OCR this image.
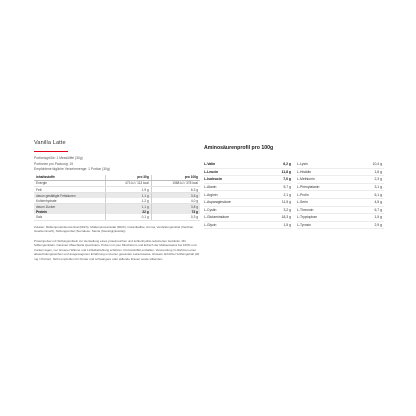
Vanilla Latte
Portionsgröße: 1 Messlöffel (30g)
Portionen pro Packung: 15
Empfohlene tägliche Verzehrmenge: 1 Portion (30g)
Inhaltsstoffe	pro 30g	pro 100g
Energie	473 kJ / 113 kcal	1588 kJ / 378 kcal
Fett	1,9 g	6,3 g
davon gesättigte Fettsäuren	1,1 g	3,6 g
Kohlenhydrate	1,2 g	4,0 g
davon Zucker	1,1 g	3,8 g
Protein	22 g	73 g
Salz	0,1 g	0,3 g
Zutaten: Molkenproteinkonzentrat (Milch), Molkenproteinisolat (Milch), Instantkaffee, Aroma, Verdickungsmittel (Xanthan, Guarkernmehl), Süßungsmittel (Sucralose, Stevia (Steviolglykoside)).
Proteinpulver mit Süßungsmitteln zur Herstellung eines proteinreichen und kohlenhydrat-reduzierten Getränks. Mit Süßungsmitteln. Caramel: Mauchiaria Quarzstein. Pulver mit your Mischstrom und Erbsch der Molkeeiweiss bei 100% und trocken legen, nur Gruener Wärme und Lichtabstrahlung schützen. Portionslöffel enthalten. Verwendung im Rahmen einer abwechslungsreichen und ausgewogenen Ernährung und einer gesunden Lebensweise. Hinweis: Erhöhter Koffeingehalt (40 mg / Portion). Nicht empfohlen für Kinder und schwangere oder stillende Frauen sowie stillenden.
Aminosäurenprofil pro 100g
L-Valin	6,2 g
L-Leucin	11,8 g
L-Isoleucin	7,0 g
L-Alanin	5,7 g
L-Arginin	2,1 g
L-Asparaginsäure	11,5 g
L-Cystin	3,2 g
L-Glutaminsäure	18,3 g
L-Glycin	1,5 g
L-Lysin	10,4 g
L-Histidin	1,6 g
L-Methionin	2,3 g
L-Phenylalanin	3,1 g
L-Prolin	6,1 g
L-Serin	4,5 g
L-Threonin	6,7 g
L-Tryptophan	1,5 g
L-Tyrosin	2,9 g
